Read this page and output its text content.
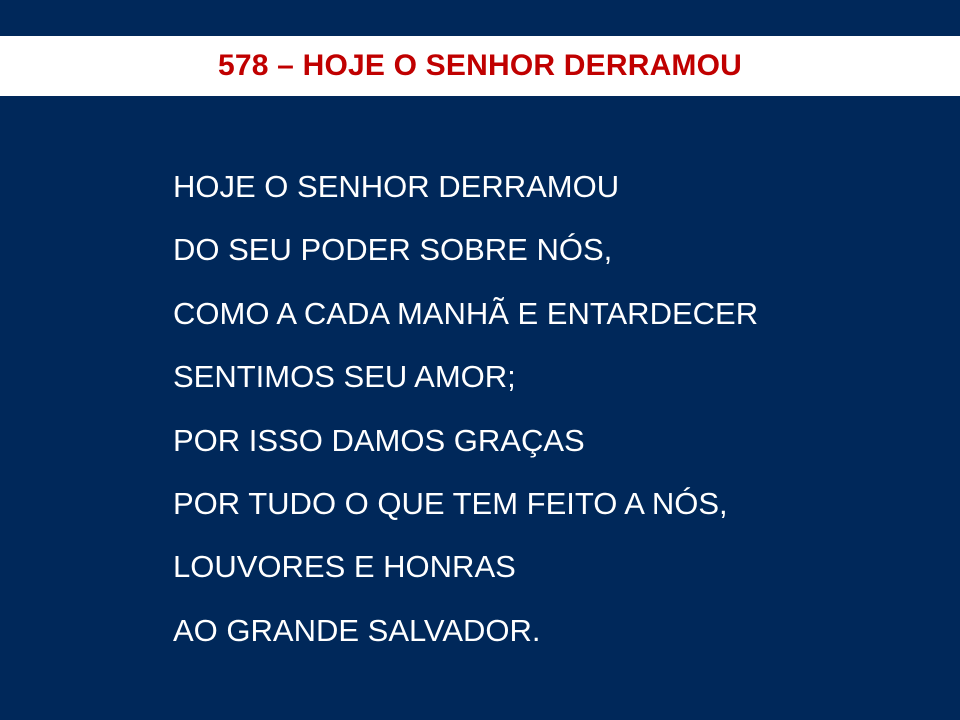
578 – HOJE O SENHOR DERRAMOU
HOJE O SENHOR DERRAMOU
DO SEU PODER SOBRE NÓS,
COMO A CADA MANHÃ E ENTARDECER
SENTIMOS SEU AMOR;
POR ISSO DAMOS GRAÇAS
POR TUDO O QUE TEM FEITO A NÓS,
LOUVORES E HONRAS
AO GRANDE SALVADOR.
